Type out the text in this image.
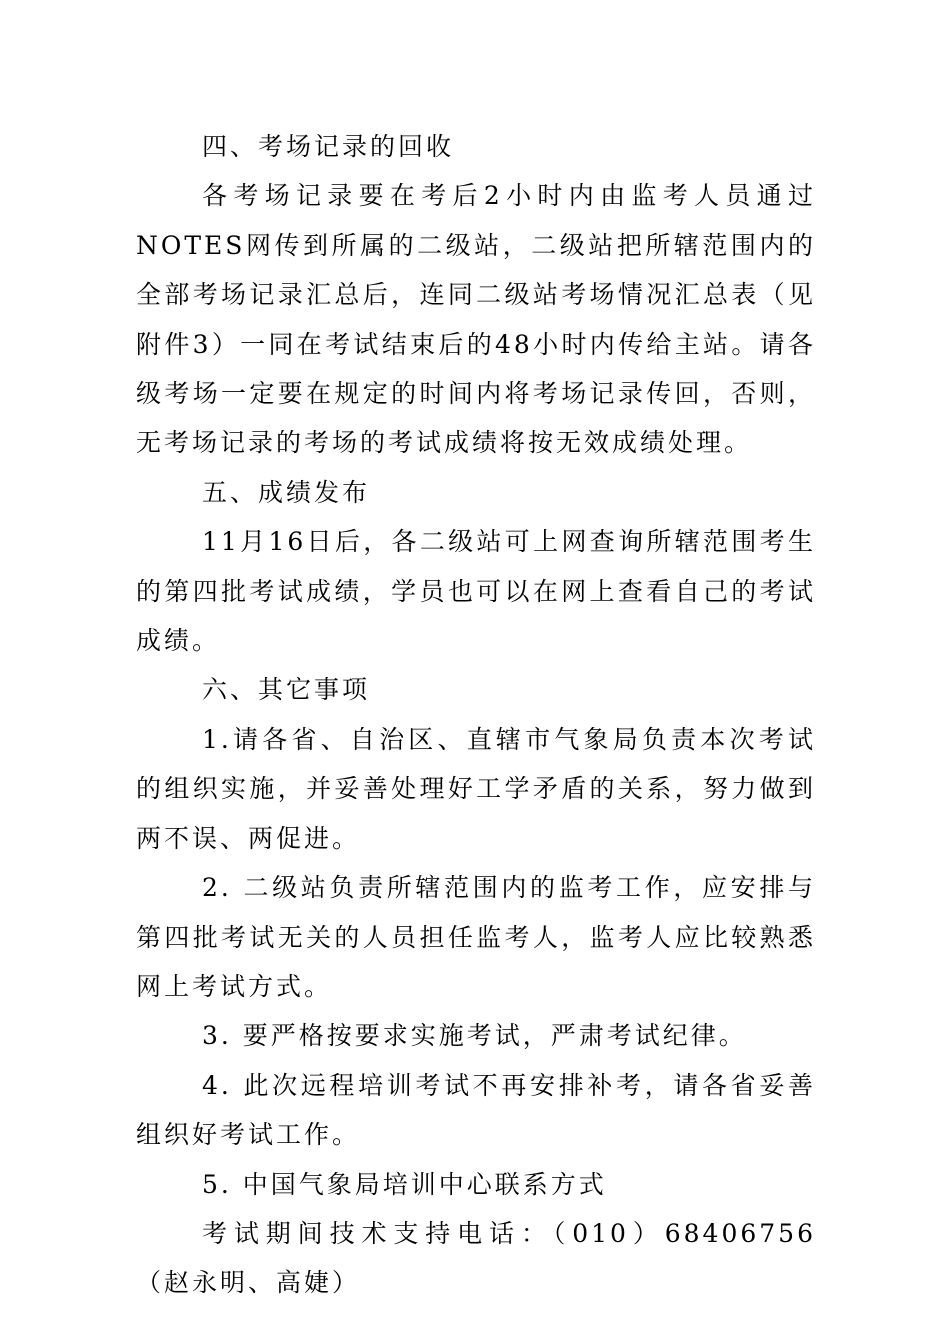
四、考场记录的回收

各考场记录要在考后2小时内由监考人员通过NOTES网传到所属的二级站，二级站把所辖范围内的全部考场记录汇总后，连同二级站考场情况汇总表（见附件3）一同在考试结束后的48小时内传给主站。请各级考场一定要在规定的时间内将考场记录传回，否则，无考场记录的考场的考试成绩将按无效成绩处理。

五、成绩发布

11月16日后，各二级站可上网查询所辖范围考生的第四批考试成绩，学员也可以在网上查看自己的考试成绩。

六、其它事项

1.请各省、自治区、直辖市气象局负责本次考试的组织实施，并妥善处理好工学矛盾的关系，努力做到两不误、两促进。

2. 二级站负责所辖范围内的监考工作，应安排与第四批考试无关的人员担任监考人，监考人应比较熟悉网上考试方式。

3. 要严格按要求实施考试，严肃考试纪律。

4. 此次远程培训考试不再安排补考，请各省妥善组织好考试工作。

5. 中国气象局培训中心联系方式

考试期间技术支持电话：（010）68406756（赵永明、高婕）
